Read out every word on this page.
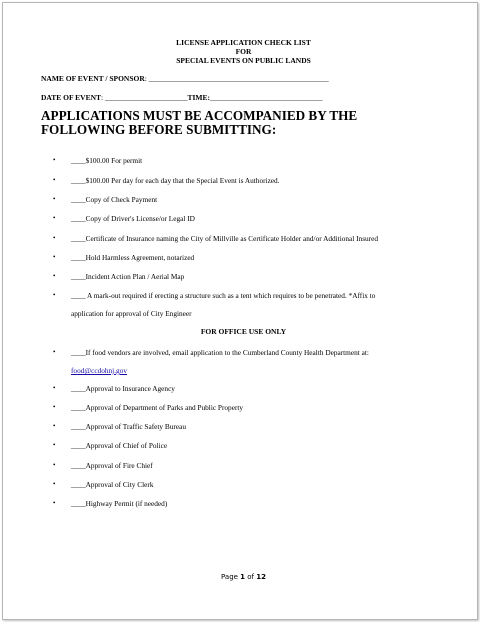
LICENSE APPLICATION CHECK LIST
FOR
SPECIAL EVENTS ON PUBLIC LANDS
NAME OF EVENT / SPONSOR: ________________________________________________
DATE OF EVENT: ______________________TIME:______________________________
APPLICATIONS MUST BE ACCOMPANIED BY THE FOLLOWING BEFORE SUBMITTING:
• ____$100.00 For permit
• ____$100.00 Per day for each day that the Special Event is Authorized.
• ____Copy of Check Payment
• ____Copy of Driver's License/or Legal ID
• ____Certificate of Insurance naming the City of Millville as Certificate Holder and/or Additional Insured
• ____Hold Harmless Agreement, notarized
• ____Incident Action Plan / Aerial Map
• ____ A mark-out required if erecting a structure such as a tent which requires to be penetrated. *Affix to
application for approval of City Engineer
FOR OFFICE USE ONLY
• ____If food vendors are involved, email application to the Cumberland County Health Department at:
food@ccdohnj.gov
• ____Approval to Insurance Agency
• ____Approval of Department of Parks and Public Property
• ____Approval of Traffic Safety Bureau
• ____Approval of Chief of Police
• ____Approval of Fire Chief
• ____Approval of City Clerk
• ____Highway Permit (if needed)
Page 1 of 12
